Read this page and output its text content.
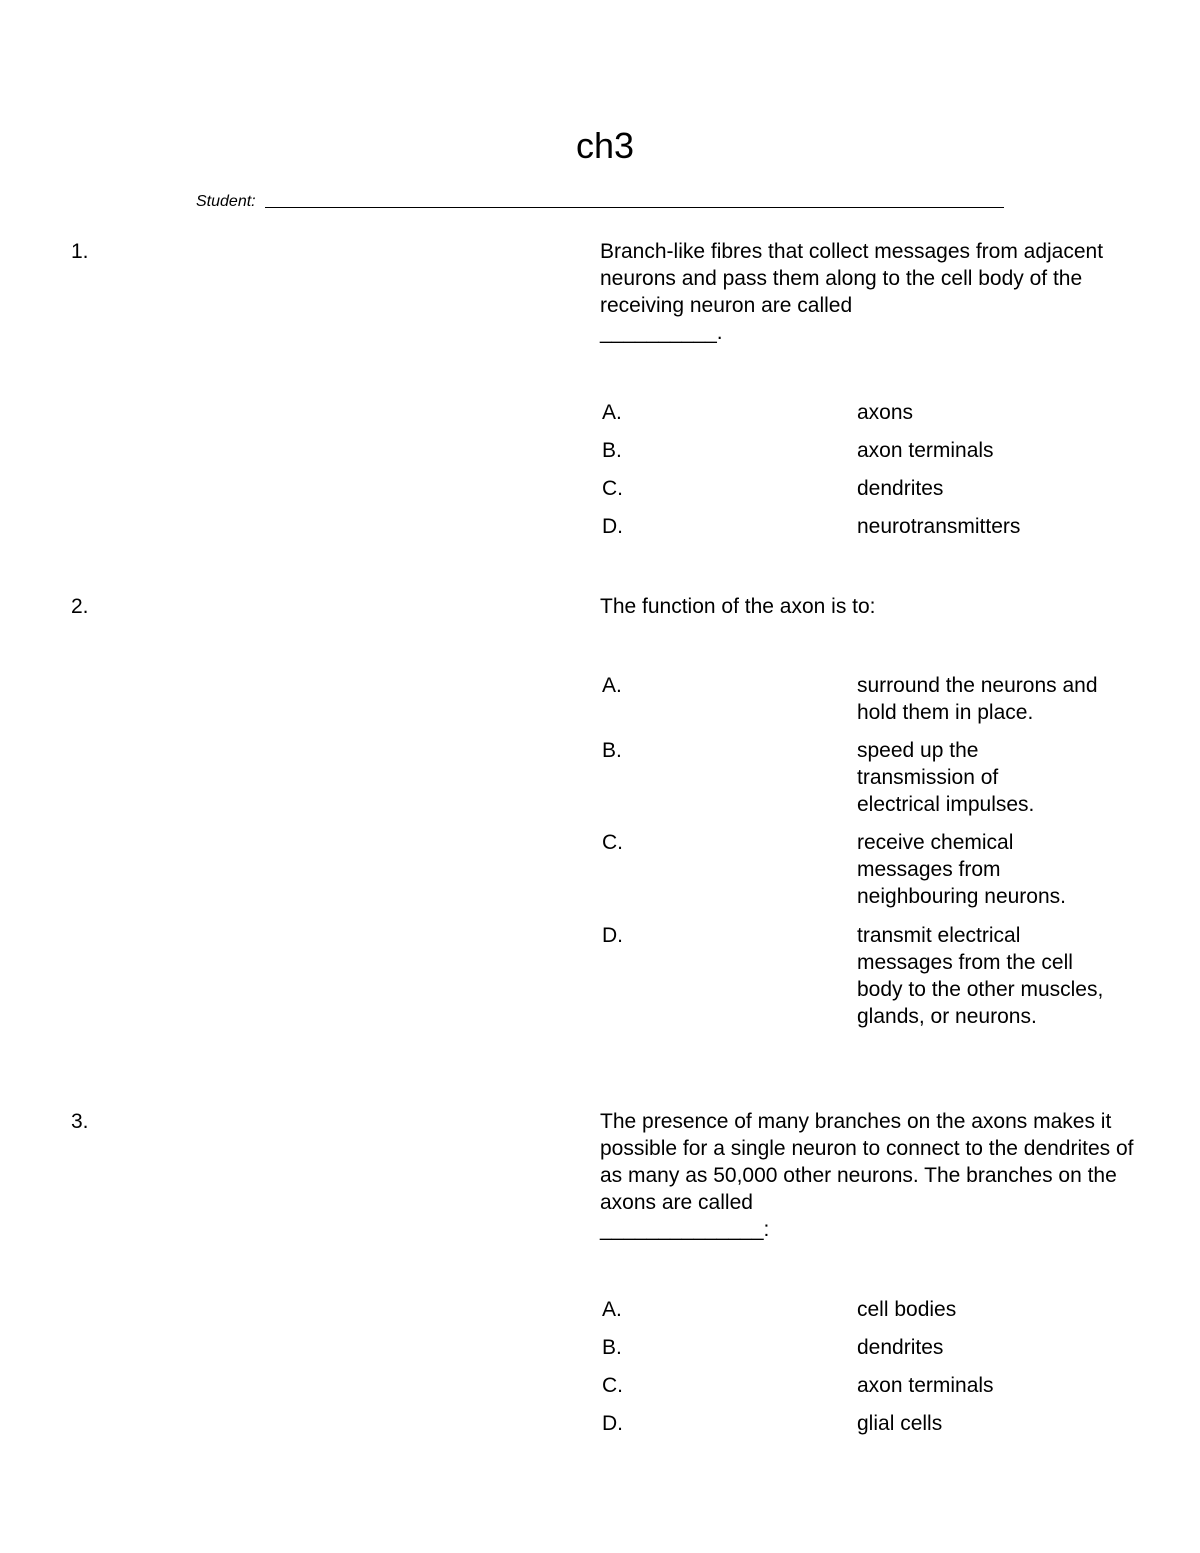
ch3
Student:
1.	Branch-like fibres that collect messages from adjacent neurons and pass them along to the cell body of the receiving neuron are called
__________.
A.	axons
B.	axon terminals
C.	dendrites
D.	neurotransmitters
2.	The function of the axon is to:
A.	surround the neurons and hold them in place.
B.	speed up the transmission of electrical impulses.
C.	receive chemical messages from neighbouring neurons.
D.	transmit electrical messages from the cell body to the other muscles, glands, or neurons.
3.	The presence of many branches on the axons makes it possible for a single neuron to connect to the dendrites of as many as 50,000 other neurons. The branches on the axons are called
______________:
A.	cell bodies
B.	dendrites
C.	axon terminals
D.	glial cells
